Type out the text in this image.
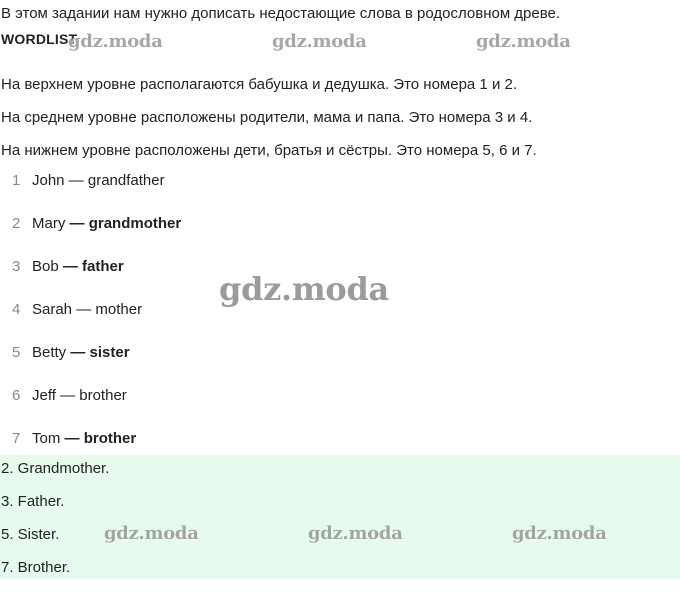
В этом задании нам нужно дописать недостающие слова в родословном древе.
WORDLIST
На верхнем уровне располагаются бабушка и дедушка. Это номера 1 и 2.
На среднем уровне расположены родители, мама и папа. Это номера 3 и 4.
На нижнем уровне расположены дети, братья и сёстры. Это номера 5, 6 и 7.
1 John — grandfather
2 Mary — grandmother
3 Bob — father
4 Sarah — mother
5 Betty — sister
6 Jeff — brother
7 Tom — brother
2. Grandmother.
3. Father.
5. Sister.
7. Brother.
gdz.moda	gdz.moda	gdz.moda
gdz.moda
gdz.moda	gdz.moda	gdz.moda
